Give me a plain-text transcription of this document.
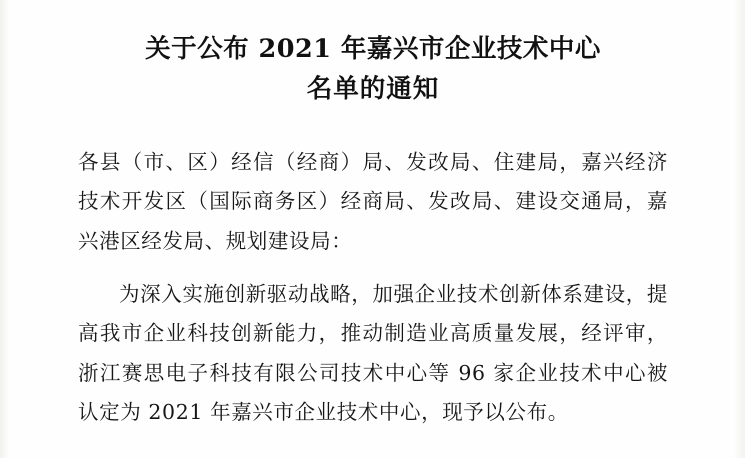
关于公布 2021 年嘉兴市企业技术中心
名单的通知

各县（市、区）经信（经商）局、发改局、住建局，嘉兴经济技术开发区（国际商务区）经商局、发改局、建设交通局，嘉兴港区经发局、规划建设局：

为深入实施创新驱动战略，加强企业技术创新体系建设，提高我市企业科技创新能力，推动制造业高质量发展，经评审，浙江赛思电子科技有限公司技术中心等 96 家企业技术中心被认定为 2021 年嘉兴市企业技术中心，现予以公布。
